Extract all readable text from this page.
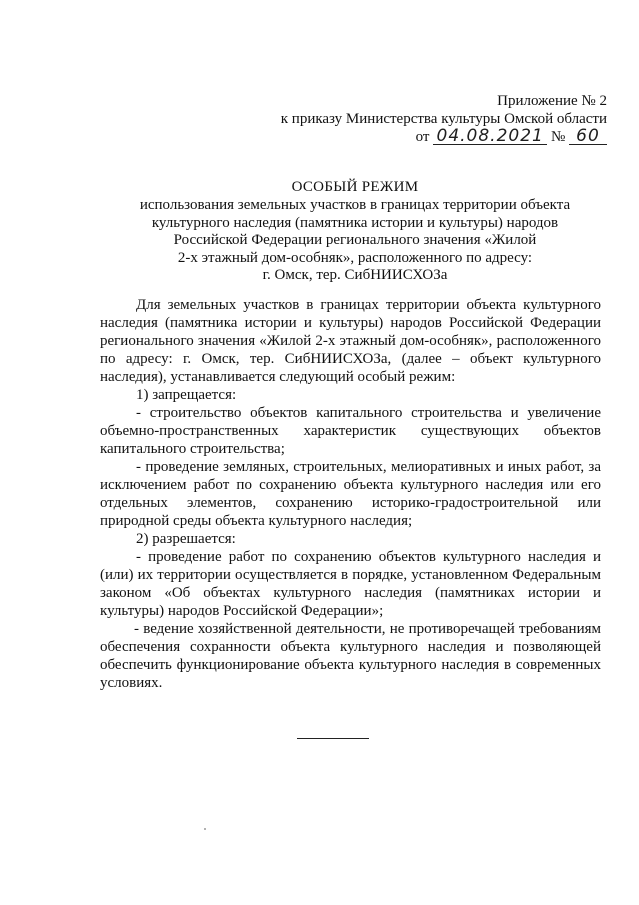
Приложение № 2
к приказу Министерства культуры Омской области
от 04.08.2021 № 60
ОСОБЫЙ РЕЖИМ

использования земельных участков в границах территории объекта

культурного наследия (памятника истории и культуры) народов

Российской Федерации регионального значения «Жилой

2-х этажный дом-особняк», расположенного по адресу:

г. Омск, тер. СибНИИСХОЗа

Для земельных участков в границах территории объекта культурного наследия (памятника истории и культуры) народов Российской Федерации регионального значения «Жилой 2-х этажный дом-особняк», расположенного по адресу: г. Омск, тер. СибНИИСХОЗа, (далее – объект культурного наследия), устанавливается следующий особый режим:

1) запрещается:

- строительство объектов капитального строительства и увеличение объемно-пространственных характеристик существующих объектов капитального строительства;

- проведение земляных, строительных, мелиоративных и иных работ, за исключением работ по сохранению объекта культурного наследия или его отдельных элементов, сохранению историко-градостроительной или природной среды объекта культурного наследия;

2) разрешается:

- проведение работ по сохранению объектов культурного наследия и (или) их территории осуществляется в порядке, установленном Федеральным законом «Об объектах культурного наследия (памятниках истории и культуры) народов Российской Федерации»;

- ведение хозяйственной деятельности, не противоречащей требованиям обеспечения сохранности объекта культурного наследия и позволяющей обеспечить функционирование объекта культурного наследия в современных условиях.
